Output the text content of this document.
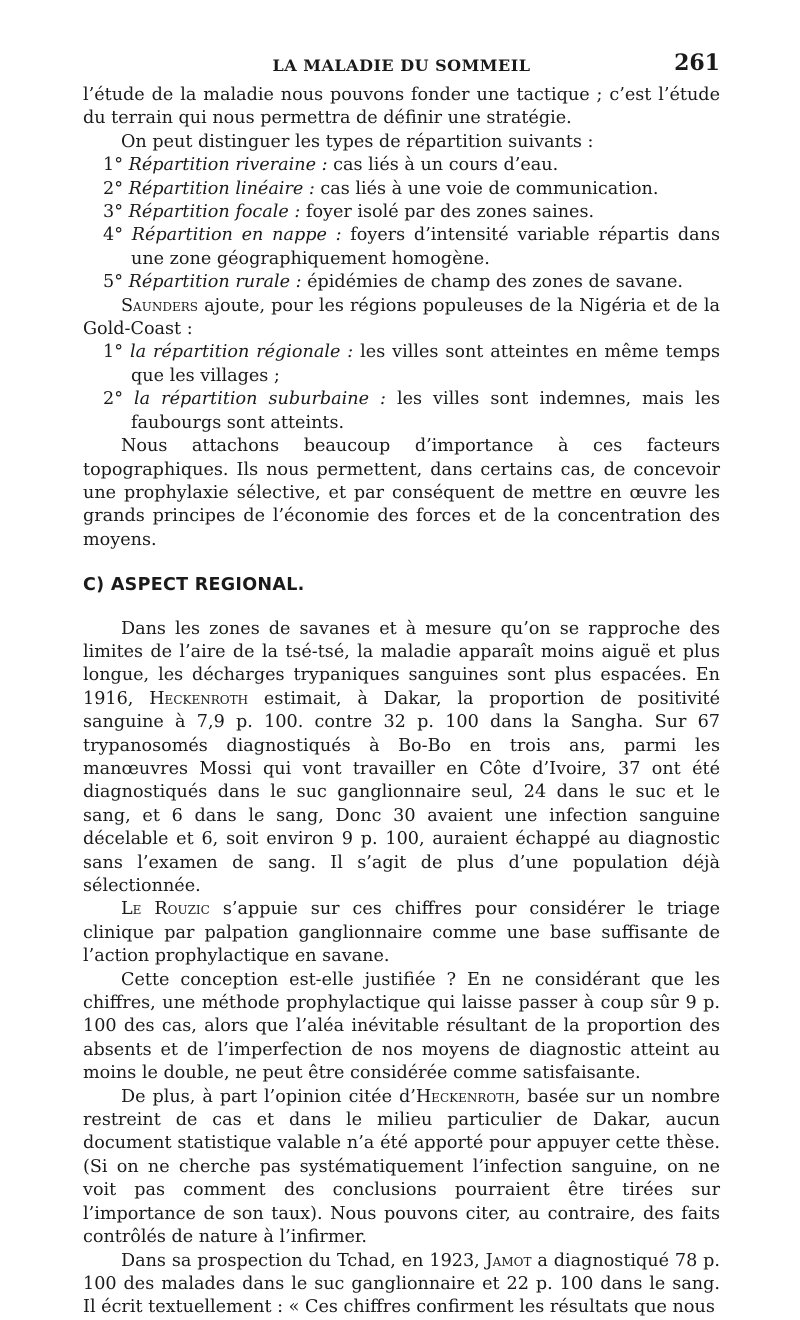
LA MALADIE DU SOMMEIL	261

l’étude de la maladie nous pouvons fonder une tactique ; c’est l’étude du terrain qui nous permettra de définir une stratégie.

On peut distinguer les types de répartition suivants :

1° Répartition riveraine : cas liés à un cours d’eau.

2° Répartition linéaire : cas liés à une voie de communication.

3° Répartition focale : foyer isolé par des zones saines.

4° Répartition en nappe : foyers d’intensité variable répartis dans une zone géographiquement homogène.

5° Répartition rurale : épidémies de champ des zones de savane.

Saunders ajoute, pour les régions populeuses de la Nigéria et de la Gold-Coast :

1° la répartition régionale : les villes sont atteintes en même temps que les villages ;

2° la répartition suburbaine : les villes sont indemnes, mais les faubourgs sont atteints.

Nous attachons beaucoup d’importance à ces facteurs topographiques. Ils nous permettent, dans certains cas, de concevoir une prophylaxie sélective, et par conséquent de mettre en œuvre les grands principes de l’économie des forces et de la concentration des moyens.

C) ASPECT REGIONAL.

Dans les zones de savanes et à mesure qu’on se rapproche des limites de l’aire de la tsé-tsé, la maladie apparaît moins aiguë et plus longue, les décharges trypaniques sanguines sont plus espacées. En 1916, Heckenroth estimait, à Dakar, la proportion de positivité sanguine à 7,9 p. 100. contre 32 p. 100 dans la Sangha. Sur 67 trypanosomés diagnostiqués à Bo-Bo en trois ans, parmi les manœuvres Mossi qui vont travailler en Côte d’Ivoire, 37 ont été diagnostiqués dans le suc ganglionnaire seul, 24 dans le suc et le sang, et 6 dans le sang, Donc 30 avaient une infection sanguine décelable et 6, soit environ 9 p. 100, auraient échappé au diagnostic sans l’examen de sang. Il s’agit de plus d’une population déjà sélectionnée.

Le Rouzic s’appuie sur ces chiffres pour considérer le triage clinique par palpation ganglionnaire comme une base suffisante de l’action prophylactique en savane.

Cette conception est-elle justifiée ? En ne considérant que les chiffres, une méthode prophylactique qui laisse passer à coup sûr 9 p. 100 des cas, alors que l’aléa inévitable résultant de la proportion des absents et de l’imperfection de nos moyens de diagnostic atteint au moins le double, ne peut être considérée comme satisfaisante.

De plus, à part l’opinion citée d’Heckenroth, basée sur un nombre restreint de cas et dans le milieu particulier de Dakar, aucun document statistique valable n’a été apporté pour appuyer cette thèse. (Si on ne cherche pas systématiquement l’infection sanguine, on ne voit pas comment des conclusions pourraient être tirées sur l’importance de son taux). Nous pouvons citer, au contraire, des faits contrôlés de nature à l’infirmer.

Dans sa prospection du Tchad, en 1923, Jamot a diagnostiqué 78 p. 100 des malades dans le suc ganglionnaire et 22 p. 100 dans le sang. Il écrit textuellement : « Ces chiffres confirment les résultats que nous
